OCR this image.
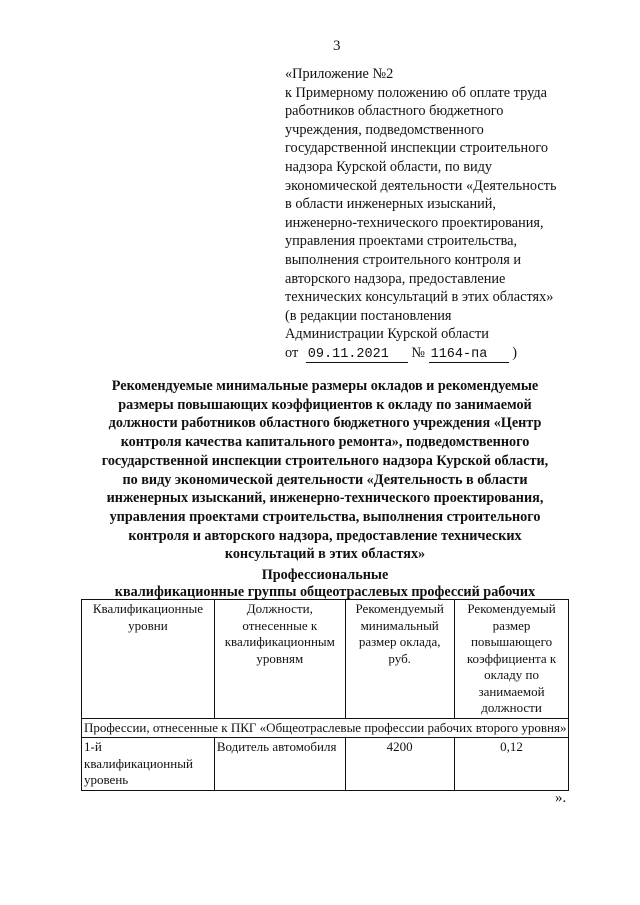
3
«Приложение №2
к Примерному положению об оплате труда
работников областного бюджетного
учреждения, подведомственного
государственной инспекции строительного
надзора Курской области, по виду
экономической деятельности «Деятельность
в области инженерных изысканий,
инженерно-технического проектирования,
управления проектами строительства,
выполнения строительного контроля и
авторского надзора, предоставление
технических консультаций в этих областях»
(в редакции постановления
Администрации Курской области
от 09.11.2021 № 1164-пa )
Рекомендуемые минимальные размеры окладов и рекомендуемые
размеры повышающих коэффициентов к окладу по занимаемой
должности работников областного бюджетного учреждения «Центр
контроля качества капитального ремонта», подведомственного
государственной инспекции строительного надзора Курской области,
по виду экономической деятельности «Деятельность в области
инженерных изысканий, инженерно-технического проектирования,
управления проектами строительства, выполнения строительного
контроля и авторского надзора, предоставление технических
консультаций в этих областях»
Профессиональные
квалификационные группы общеотраслевых профессий рабочих
Квалификационные уровни	Должности, отнесенные к квалификационным уровням	Рекомендуемый минимальный размер оклада, руб.	Рекомендуемый размер повышающего коэффициента к окладу по занимаемой должности
Профессии, отнесенные к ПКГ «Общеотраслевые профессии рабочих второго уровня»			
1-й квалификационный уровень	Водитель автомобиля	4200	0,12
».
